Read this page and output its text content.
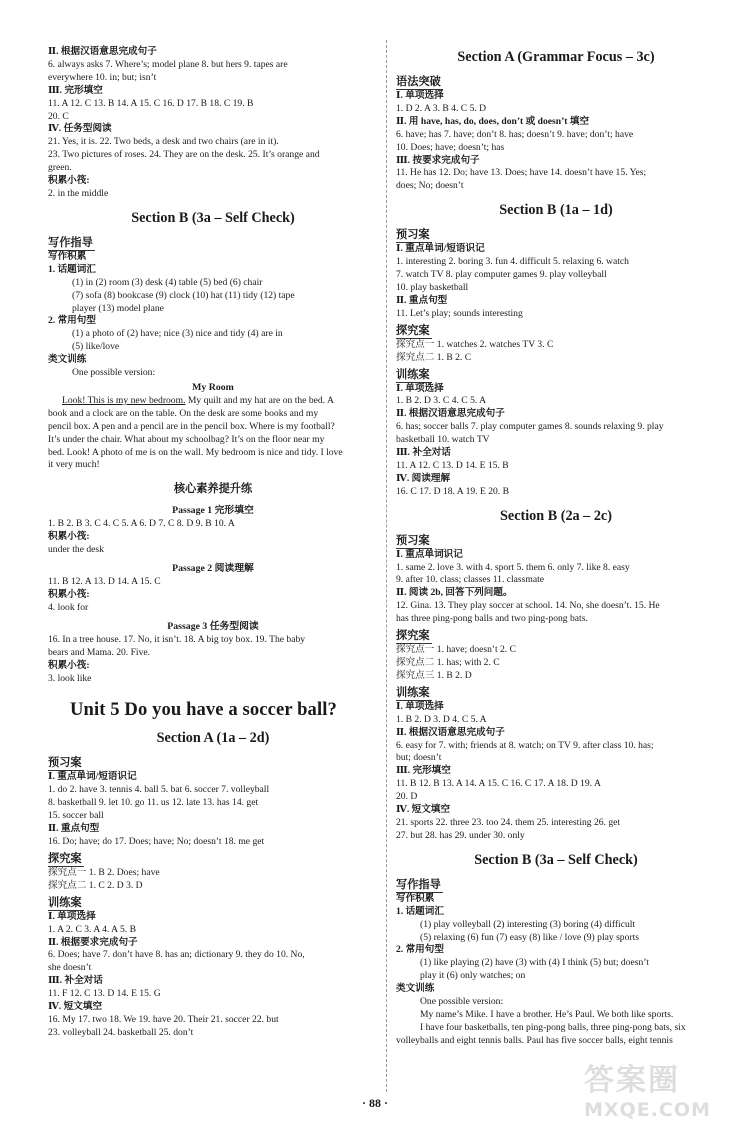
Ⅱ. 根据汉语意思完成句子

6. always asks 7. Where’s; model plane 8. but hers 9. tapes are

everywhere 10. in; but; isn’t

Ⅲ. 完形填空

11. A 12. C 13. B 14. A 15. C 16. D 17. B 18. C 19. B

20. C

Ⅳ. 任务型阅读

21. Yes, it is. 22. Two beds, a desk and two chairs (are in it).

23. Two pictures of roses. 24. They are on the desk. 25. It’s orange and

green.

积累小筏:

2. in the middle

Section B (3a – Self Check)
写作指导

写作积累

1. 话题词汇

(1) in (2) room (3) desk (4) table (5) bed (6) chair

(7) sofa (8) bookcase (9) clock (10) hat (11) tidy (12) tape

player (13) model plane

2. 常用句型

(1) a photo of (2) have; nice (3) nice and tidy (4) are in

(5) like/love

类文训练

One possible version:

My Room

Look! This is my new bedroom. My quilt and my hat are on the bed. A

book and a clock are on the table. On the desk are some books and my

pencil box. A pen and a pencil are in the pencil box. Where is my football?

It’s under the chair. What about my schoolbag? It’s on the floor near my

bed. Look! A photo of me is on the wall. My bedroom is nice and tidy. I love

it very much!

核心素养提升练
Passage 1 完形填空

1. B 2. B 3. C 4. C 5. A 6. D 7. C 8. D 9. B 10. A

积累小筏:

under the desk

Passage 2 阅读理解

11. B 12. A 13. D 14. A 15. C

积累小筏:

4. look for

Passage 3 任务型阅读

16. In a tree house. 17. No, it isn’t. 18. A big toy box. 19. The baby

bears and Mama. 20. Five.

积累小筏:

3. look like

Unit 5 Do you have a soccer ball?
Section A (1a – 2d)
预习案

Ⅰ. 重点单词/短语识记

1. do 2. have 3. tennis 4. ball 5. bat 6. soccer 7. volleyball

8. basketball 9. let 10. go 11. us 12. late 13. has 14. get

15. soccer ball

Ⅱ. 重点句型

16. Do; have; do 17. Does; have; No; doesn’t 18. me get

探究案

探究点一 1. B 2. Does; have

探究点二 1. C 2. D 3. D

训练案

Ⅰ. 单项选择

1. A 2. C 3. A 4. A 5. B

Ⅱ. 根据要求完成句子

6. Does; have 7. don’t have 8. has an; dictionary 9. they do 10. No,

she doesn’t

Ⅲ. 补全对话

11. F 12. C 13. D 14. E 15. G

Ⅳ. 短文填空

16. My 17. two 18. We 19. have 20. Their 21. soccer 22. but

23. volleyball 24. basketball 25. don’t

Section A (Grammar Focus – 3c)
语法突破

Ⅰ. 单项选择

1. D 2. A 3. B 4. C 5. D

Ⅱ. 用 have, has, do, does, don’t 或 doesn’t 填空

6. have; has 7. have; don’t 8. has; doesn’t 9. have; don’t; have

10. Does; have; doesn’t; has

Ⅲ. 按要求完成句子

11. He has 12. Do; have 13. Does; have 14. doesn’t have 15. Yes;

does; No; doesn’t

Section B (1a – 1d)
预习案

Ⅰ. 重点单词/短语识记

1. interesting 2. boring 3. fun 4. difficult 5. relaxing 6. watch

7. watch TV 8. play computer games 9. play volleyball

10. play basketball

Ⅱ. 重点句型

11. Let’s play; sounds interesting

探究案

探究点一 1. watches 2. watches TV 3. C

探究点二 1. B 2. C

训练案

Ⅰ. 单项选择

1. B 2. D 3. C 4. C 5. A

Ⅱ. 根据汉语意思完成句子

6. has; soccer balls 7. play computer games 8. sounds relaxing 9. play

basketball 10. watch TV

Ⅲ. 补全对话

11. A 12. C 13. D 14. E 15. B

Ⅳ. 阅读理解

16. C 17. D 18. A 19. E 20. B

Section B (2a – 2c)
预习案

Ⅰ. 重点单词识记

1. same 2. love 3. with 4. sport 5. them 6. only 7. like 8. easy

9. after 10. class; classes 11. classmate

Ⅱ. 阅读 2b, 回答下列问题。

12. Gina. 13. They play soccer at school. 14. No, she doesn’t. 15. He

has three ping-pong balls and two ping-pong bats.

探究案

探究点一 1. have; doesn’t 2. C

探究点二 1. has; with 2. C

探究点三 1. B 2. D

训练案

Ⅰ. 单项选择

1. B 2. D 3. D 4. C 5. A

Ⅱ. 根据汉语意思完成句子

6. easy for 7. with; friends at 8. watch; on TV 9. after class 10. has;

but; doesn’t

Ⅲ. 完形填空

11. B 12. B 13. A 14. A 15. C 16. C 17. A 18. D 19. A

20. D

Ⅳ. 短文填空

21. sports 22. three 23. too 24. them 25. interesting 26. get

27. but 28. has 29. under 30. only

Section B (3a – Self Check)
写作指导

写作积累

1. 话题词汇

(1) play volleyball (2) interesting (3) boring (4) difficult

(5) relaxing (6) fun (7) easy (8) like / love (9) play sports

2. 常用句型

(1) like playing (2) have (3) with (4) I think (5) but; doesn’t

play it (6) only watches; on

类文训练

One possible version:

My name’s Mike. I have a brother. He’s Paul. We both like sports.

I have four basketballs, ten ping-pong balls, three ping-pong bats, six

volleyballs and eight tennis balls. Paul has five soccer balls, eight tennis

· 88 ·
答案圈
MXQE.COM
